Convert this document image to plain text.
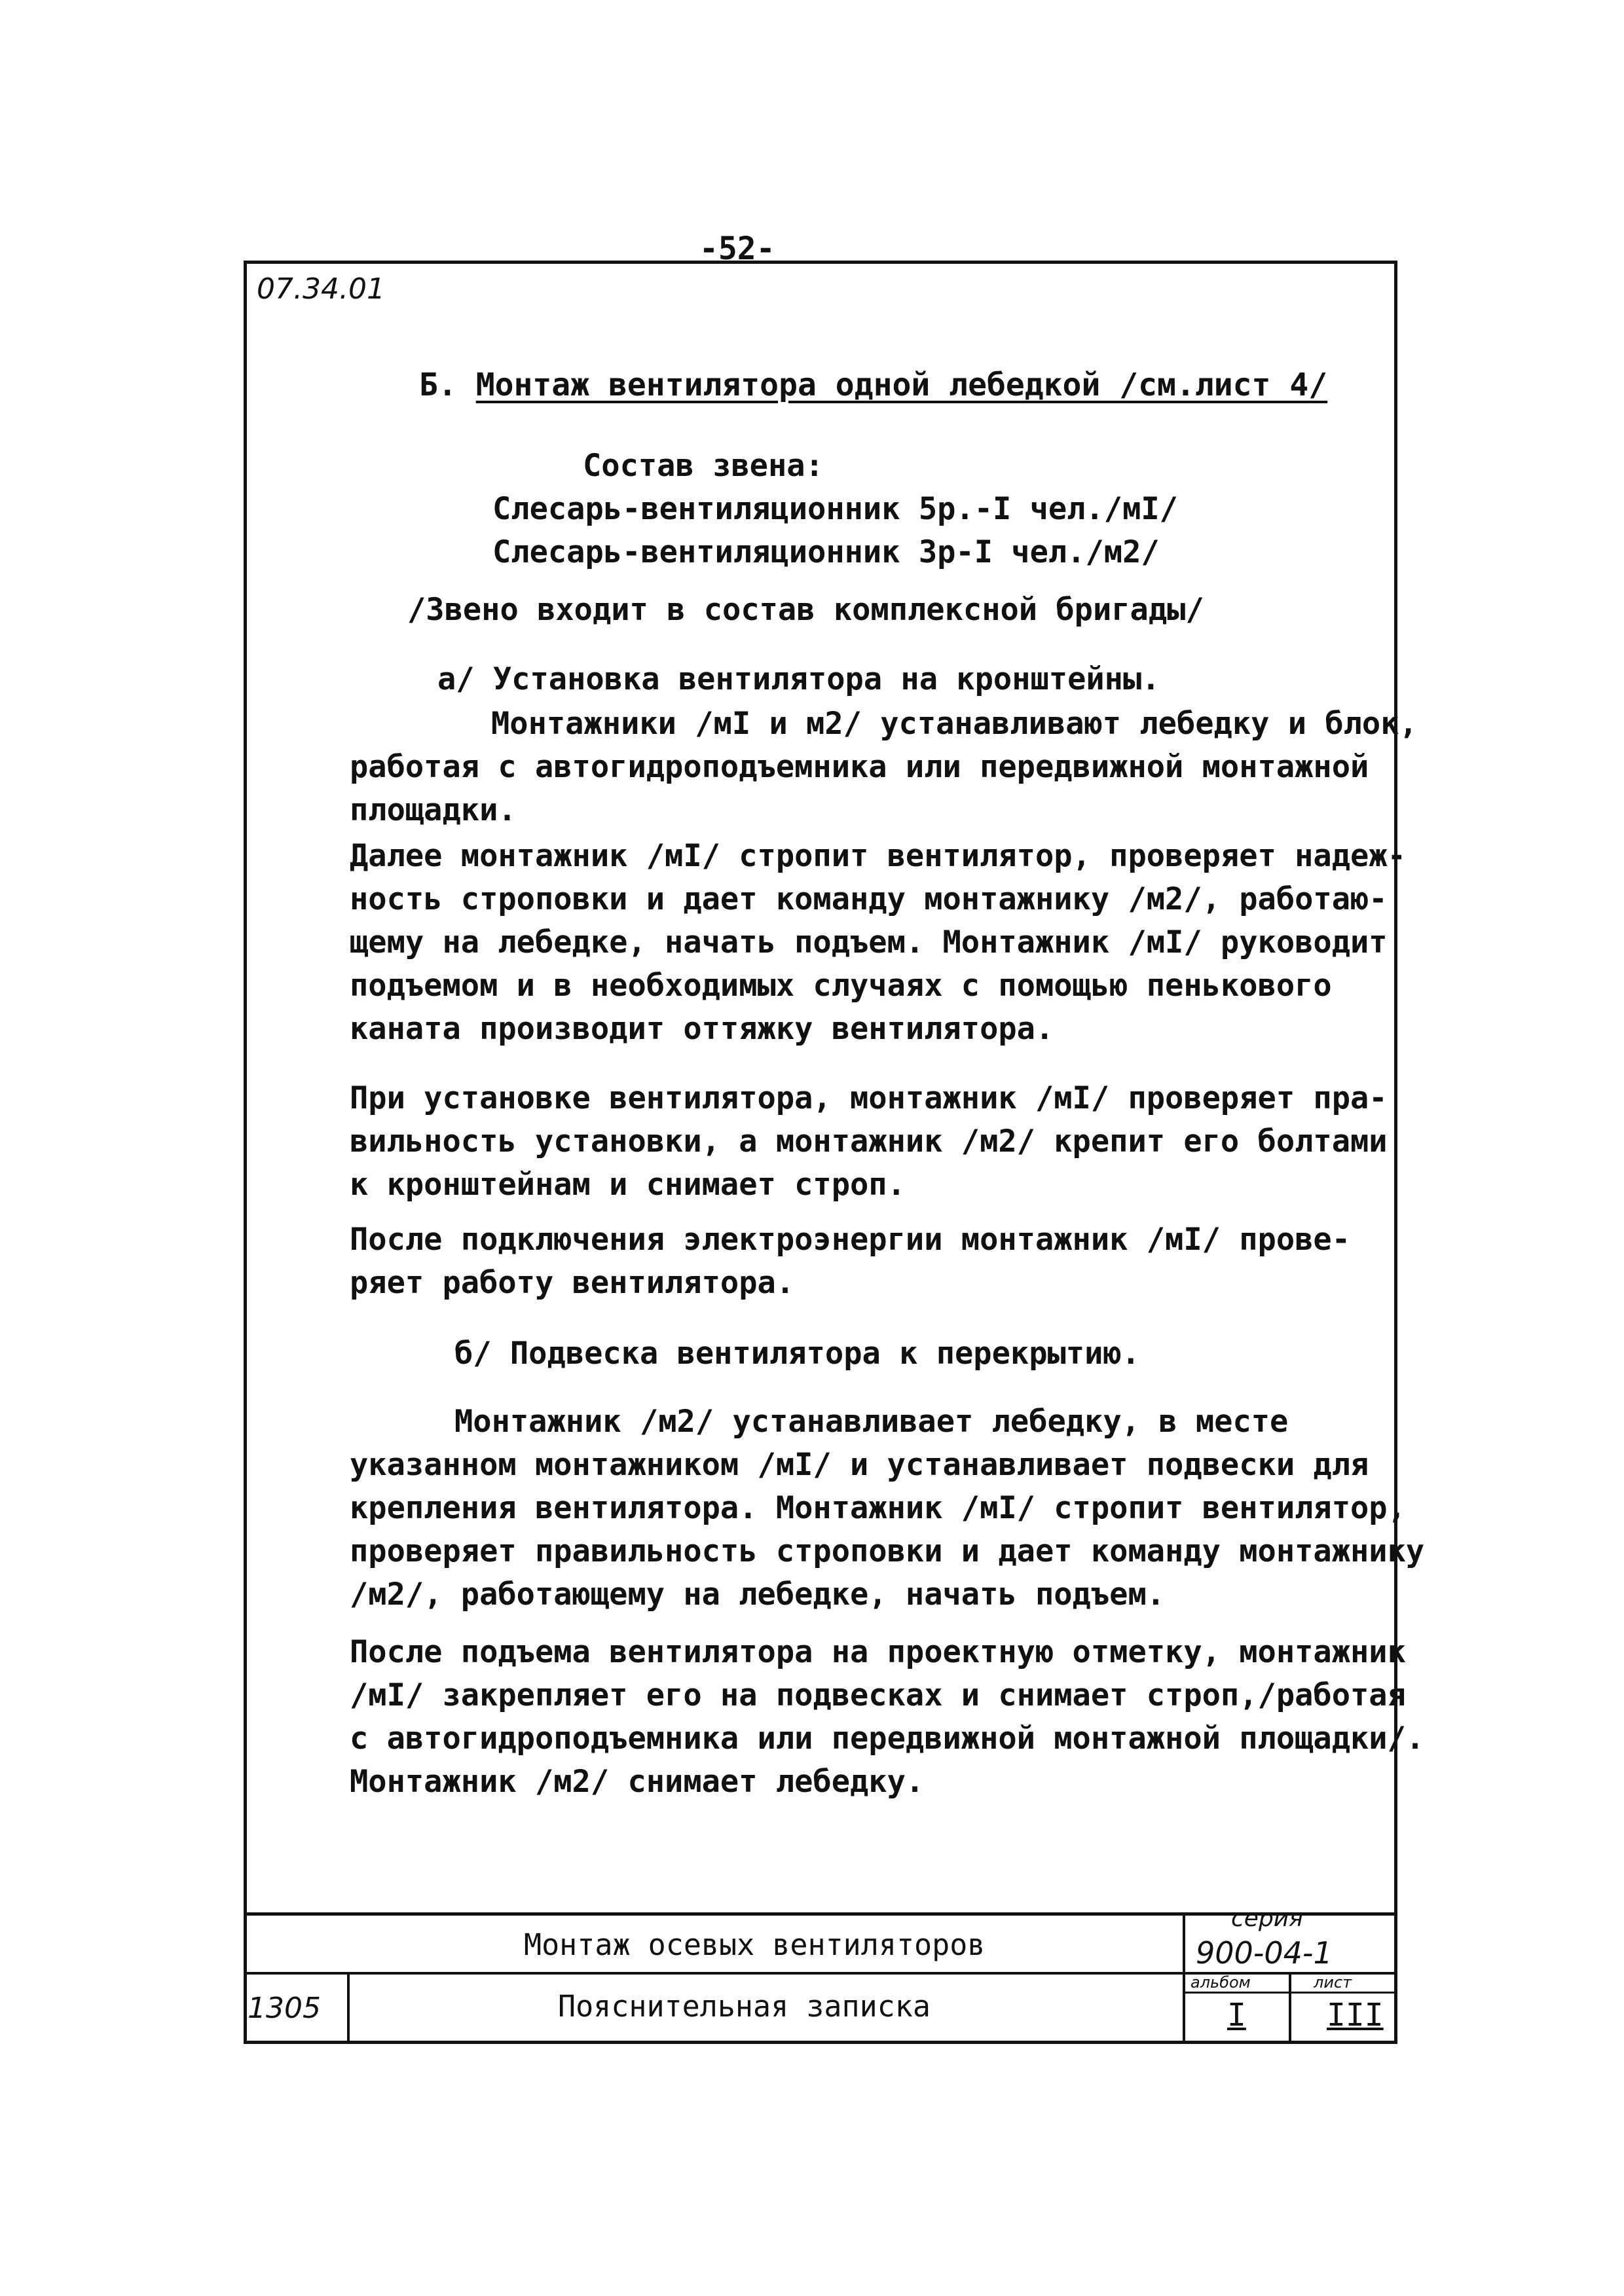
-52-
07.34.01
Б. Монтаж вентилятора одной лебедкой /см.лист 4/
Состав звена:
Слесарь-вентиляционник 5р.-I чел./мI/
Слесарь-вентиляционник 3р-I чел./м2/
/Звено входит в состав комплексной бригады/
а/ Установка вентилятора на кронштейны.
Монтажники /мI и м2/ устанавливают лебедку и блок,
работая с автогидроподъемника или передвижной монтажной
площадки.
Далее монтажник /мI/ стропит вентилятор, проверяет надеж-
ность строповки и дает команду монтажнику /м2/, работаю-
щему на лебедке, начать подъем. Монтажник /мI/ руководит
подъемом и в необходимых случаях с помощью пенькового
каната производит оттяжку вентилятора.
При установке вентилятора, монтажник /мI/ проверяет пра-
вильность установки, а монтажник /м2/ крепит его болтами
к кронштейнам и снимает строп.
После подключения электроэнергии монтажник /мI/ прове-
ряет работу вентилятора.
б/ Подвеска вентилятора к перекрытию.
Монтажник /м2/ устанавливает лебедку, в месте
указанном монтажником /мI/ и устанавливает подвески для
крепления вентилятора. Монтажник /мI/ стропит вентилятор,
проверяет правильность строповки и дает команду монтажнику
/м2/, работающему на лебедке, начать подъем.
После подъема вентилятора на проектную отметку, монтажник
/мI/ закрепляет его на подвесках и снимает строп,/работая
с автогидроподъемника или передвижной монтажной площадки/.
Монтажник /м2/ снимает лебедку.
Монтаж осевых вентиляторов
Пояснительная записка
1305
серия
900-04-1
альбом
I
лист
III
